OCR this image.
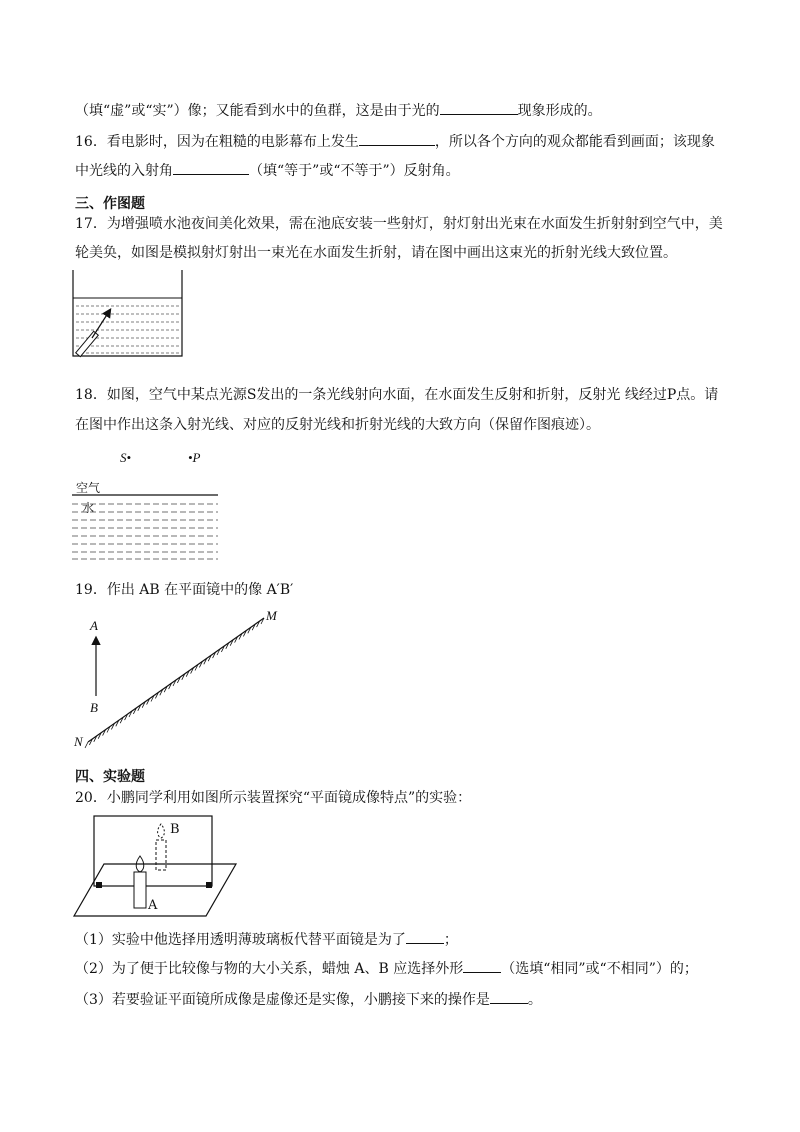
（填“虚”或“实”）像；又能看到水中的鱼群，这是由于光的	现象形成的。
16．看电影时，因为在粗糙的电影幕布上发生	，所以各个方向的观众都能看到画面；该现象
中光线的入射角	（填“等于”或“不等于”）反射角。
三、作图题
17．为增强喷水池夜间美化效果，需在池底安装一些射灯，射灯射出光束在水面发生折射射到空气中，美
轮美奂，如图是模拟射灯射出一束光在水面发生折射，请在图中画出这束光的折射光线大致位置。
18．如图，空气中某点光源S发出的一条光线射向水面，在水面发生反射和折射，反射光 线经过P点。请
在图中作出这条入射光线、对应的反射光线和折射光线的大致方向（保留作图痕迹）。
S•	•P
空气
水
19．作出 AB 在平面镜中的像 A′B′
A
B
M
N
四、实验题
20．小鹏同学利用如图所示装置探究“平面镜成像特点”的实验：
B
A
（1）实验中他选择用透明薄玻璃板代替平面镜是为了	；
（2）为了便于比较像与物的大小关系，蜡烛 A、B 应选择外形	（选填“相同”或“不相同”）的；
（3）若要验证平面镜所成像是虚像还是实像，小鹏接下来的操作是	。
